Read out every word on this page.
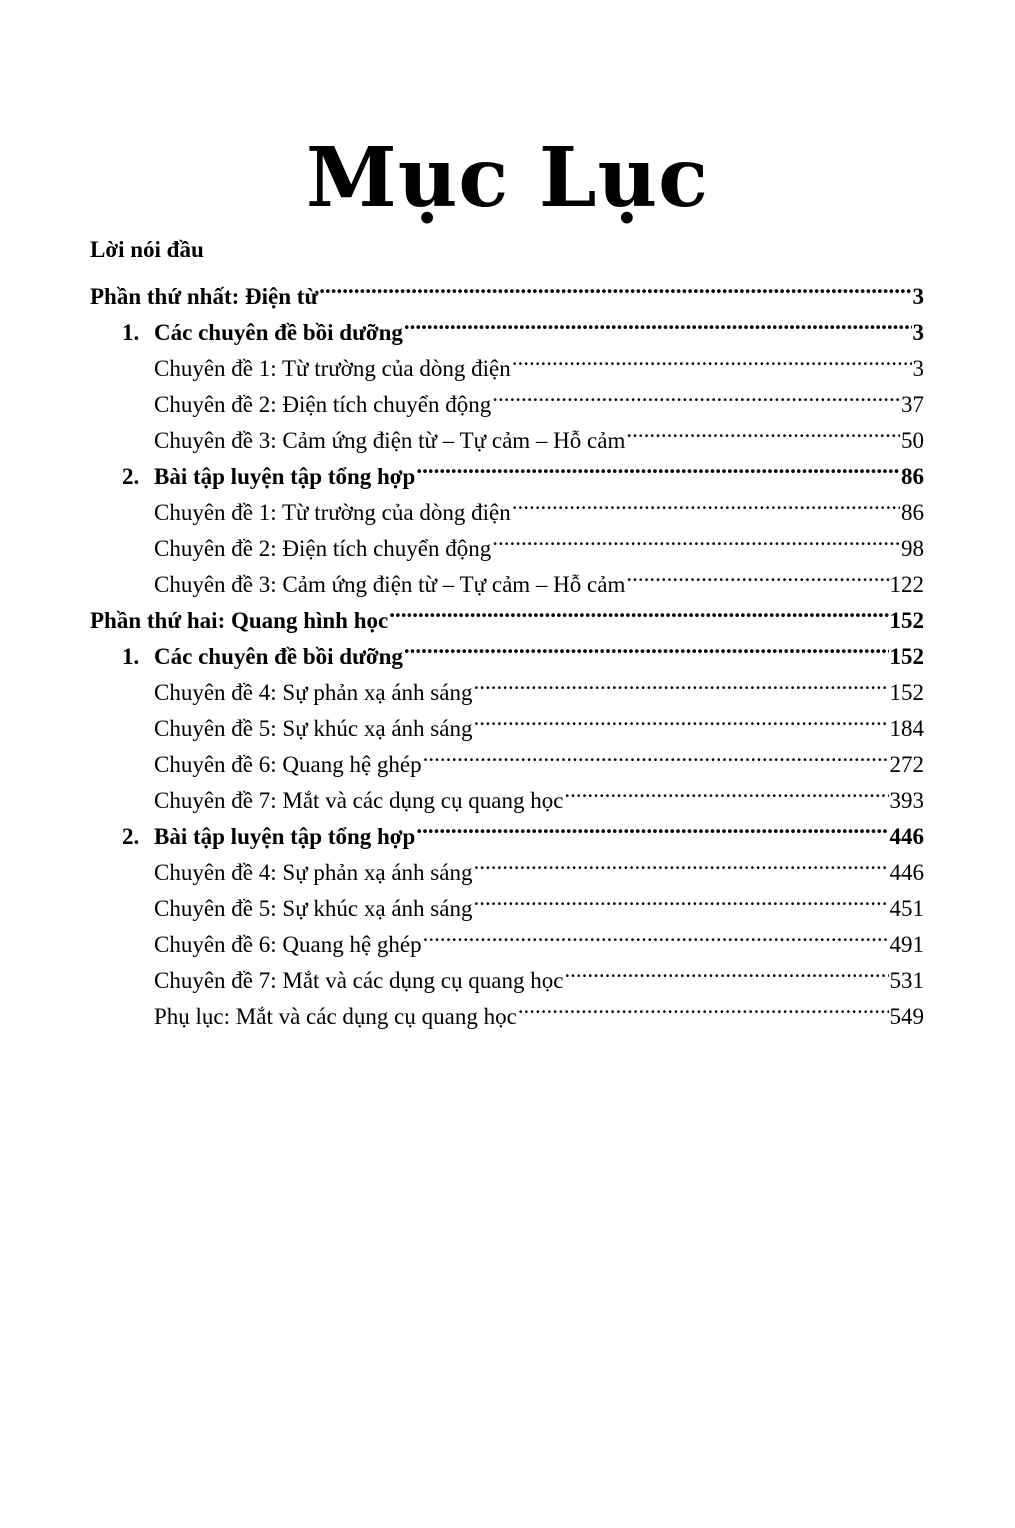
Mục Lục
Lời nói đầu
Phần thứ nhất: Điện từ .....	3
1. Các chuyên đề bồi dưỡng .....	3
Chuyên đề 1: Từ trường của dòng điện .....	3
Chuyên đề 2: Điện tích chuyển động .....	37
Chuyên đề 3: Cảm ứng điện từ – Tự cảm – Hỗ cảm .....	50
2. Bài tập luyện tập tổng hợp .....	86
Chuyên đề 1: Từ trường của dòng điện .....	86
Chuyên đề 2: Điện tích chuyển động .....	98
Chuyên đề 3: Cảm ứng điện từ – Tự cảm – Hỗ cảm .....	122
Phần thứ hai: Quang hình học .....	152
1. Các chuyên đề bồi dưỡng .....	152
Chuyên đề 4: Sự phản xạ ánh sáng .....	152
Chuyên đề 5: Sự khúc xạ ánh sáng .....	184
Chuyên đề 6: Quang hệ ghép .....	272
Chuyên đề 7: Mắt và các dụng cụ quang học .....	393
2. Bài tập luyện tập tổng hợp .....	446
Chuyên đề 4: Sự phản xạ ánh sáng .....	446
Chuyên đề 5: Sự khúc xạ ánh sáng .....	451
Chuyên đề 6: Quang hệ ghép .....	491
Chuyên đề 7: Mắt và các dụng cụ quang học .....	531
Phụ lục: Mắt và các dụng cụ quang học .....	549
